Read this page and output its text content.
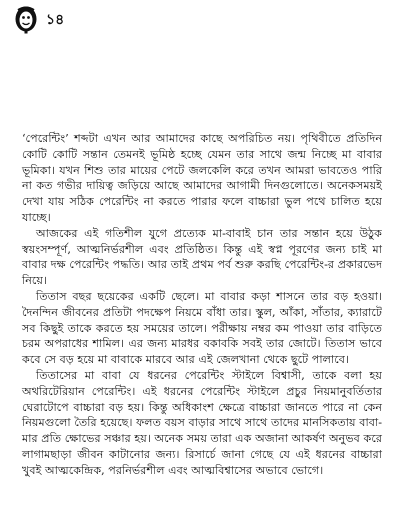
১৪

‘পেরেন্টিং’ শব্দটা এখন আর আমাদের কাছে অপরিচিত নয়। পৃথিবীতে প্রতিদিন কোটি কোটি সন্তান তেমনই ভূমিষ্ঠ হচ্ছে যেমন তার সাথে জন্ম নিচ্ছে মা বাবার ভূমিকা। যখন শিশু তার মায়ের পেটে জলকেলি করে তখন আমরা ভাবতেও পারি না কত গভীর দায়িত্ব জড়িয়ে আছে আমাদের আগামী দিনগুলোতে। অনেকসময়ই দেখা যায় সঠিক পেরেন্টিং না করতে পারার ফলে বাচ্চারা ভুল পথে চালিত হয়ে যাচ্ছে।

আজকের এই গতিশীল যুগে প্রত্যেক মা-বাবাই চান তার সন্তান হয়ে উঠুক স্বয়ংসম্পূর্ণ, আত্মনির্ভরশীল এবং প্রতিষ্ঠিত। কিন্তু এই স্বপ্ন পূরণের জন্য চাই মা বাবার দক্ষ পেরেন্টিং পদ্ধতি। আর তাই প্রথম পর্ব শুরু করছি পেরেন্টিং-র প্রকারভেদ নিয়ে।

তিতাস বছর ছয়েকের একটি ছেলে। মা বাবার কড়া শাসনে তার বড় হওয়া। দৈনন্দিন জীবনের প্রতিটা পদক্ষেপ নিয়মে বাঁধা তার। স্কুল, আঁকা, সাঁতার, ক্যারাটে সব কিছুই তাকে করতে হয় সময়ের তালে। পরীক্ষায় নম্বর কম পাওয়া তার বাড়িতে চরম অপরাধের শামিল। এর জন্য মারধর বকাবকি সবই তার জোটে। তিতাস ভাবে কবে সে বড় হয়ে মা বাবাকে মারবে আর এই জেলখানা থেকে ছুটে পালাবে।

তিতাসের মা বাবা যে ধরনের পেরেন্টিং স্টাইলে বিশ্বাসী, তাকে বলা হয় অথরিটেরিয়ান পেরেন্টিং। এই ধরনের পেরেন্টিং স্টাইলে প্রচুর নিয়মানুবর্তিতার ঘেরাটোপে বাচ্চারা বড় হয়। কিন্তু অধিকাংশ ক্ষেত্রে বাচ্চারা জানতে পারে না কেন নিয়মগুলো তৈরি হয়েছে। ফলত বয়স বাড়ার সাথে সাথে তাদের মানসিকতায় বাবা-মার প্রতি ক্ষোভের সঞ্চার হয়। অনেক সময় তারা এক অজানা আকর্ষণ অনুভব করে লাগামছাড়া জীবন কাটানোর জন্য। রিসার্চে জানা গেছে যে এই ধরনের বাচ্চারা খুবই আত্মকেন্দ্রিক, পরনির্ভরশীল এবং আত্মবিশ্বাসের অভাবে ভোগে।
